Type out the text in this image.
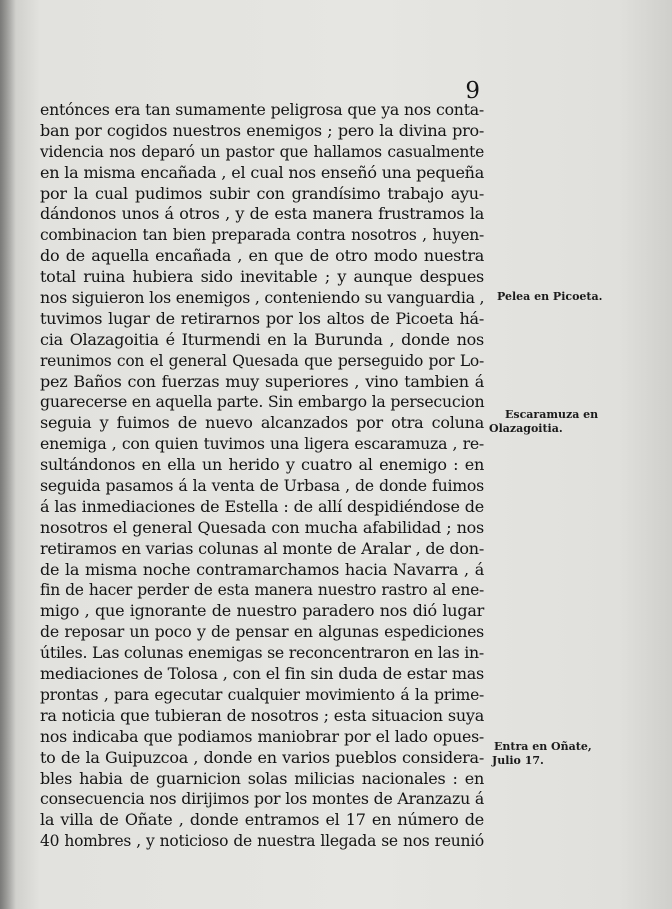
9
entónces era tan sumamente peligrosa que ya nos conta-
ban por cogidos nuestros enemigos ; pero la divina pro-
videncia nos deparó un pastor que hallamos casualmente
en la misma encañada , el cual nos enseñó una pequeña
por la cual pudimos subir con grandísimo trabajo ayu-
dándonos unos á otros , y de esta manera frustramos la
combinacion tan bien preparada contra nosotros , huyen-
do de aquella encañada , en que de otro modo nuestra
total ruina hubiera sido inevitable ; y aunque despues
nos siguieron los enemigos , conteniendo su vanguardia ,
tuvimos lugar de retirarnos por los altos de Picoeta há-
cia Olazagoitia é Iturmendi en la Burunda , donde nos
reunimos con el general Quesada que perseguido por Lo-
pez Baños con fuerzas muy superiores , vino tambien á
guarecerse en aquella parte. Sin embargo la persecucion
seguia y fuimos de nuevo alcanzados por otra coluna
enemiga , con quien tuvimos una ligera escaramuza , re-
sultándonos en ella un herido y cuatro al enemigo : en
seguida pasamos á la venta de Urbasa , de donde fuimos
á las inmediaciones de Estella : de allí despidiéndose de
nosotros el general Quesada con mucha afabilidad ; nos
retiramos en varias colunas al monte de Aralar , de don-
de la misma noche contramarchamos hacia Navarra , á
fin de hacer perder de esta manera nuestro rastro al ene-
migo , que ignorante de nuestro paradero nos dió lugar
de reposar un poco y de pensar en algunas espediciones
útiles. Las colunas enemigas se reconcentraron en las in-
mediaciones de Tolosa , con el fin sin duda de estar mas
prontas , para egecutar cualquier movimiento á la prime-
ra noticia que tubieran de nosotros ; esta situacion suya
nos indicaba que podiamos maniobrar por el lado opues-
to de la Guipuzcoa , donde en varios pueblos considera-
bles habia de guarnicion solas milicias nacionales : en
consecuencia nos dirijimos por los montes de Aranzazu á
la villa de Oñate , donde entramos el 17 en número de
40 hombres , y noticioso de nuestra llegada se nos reunió
Pelea en Picoeta.
Escaramuza en
Olazagoitia.
Entra en Oñate,
Julio 17.
